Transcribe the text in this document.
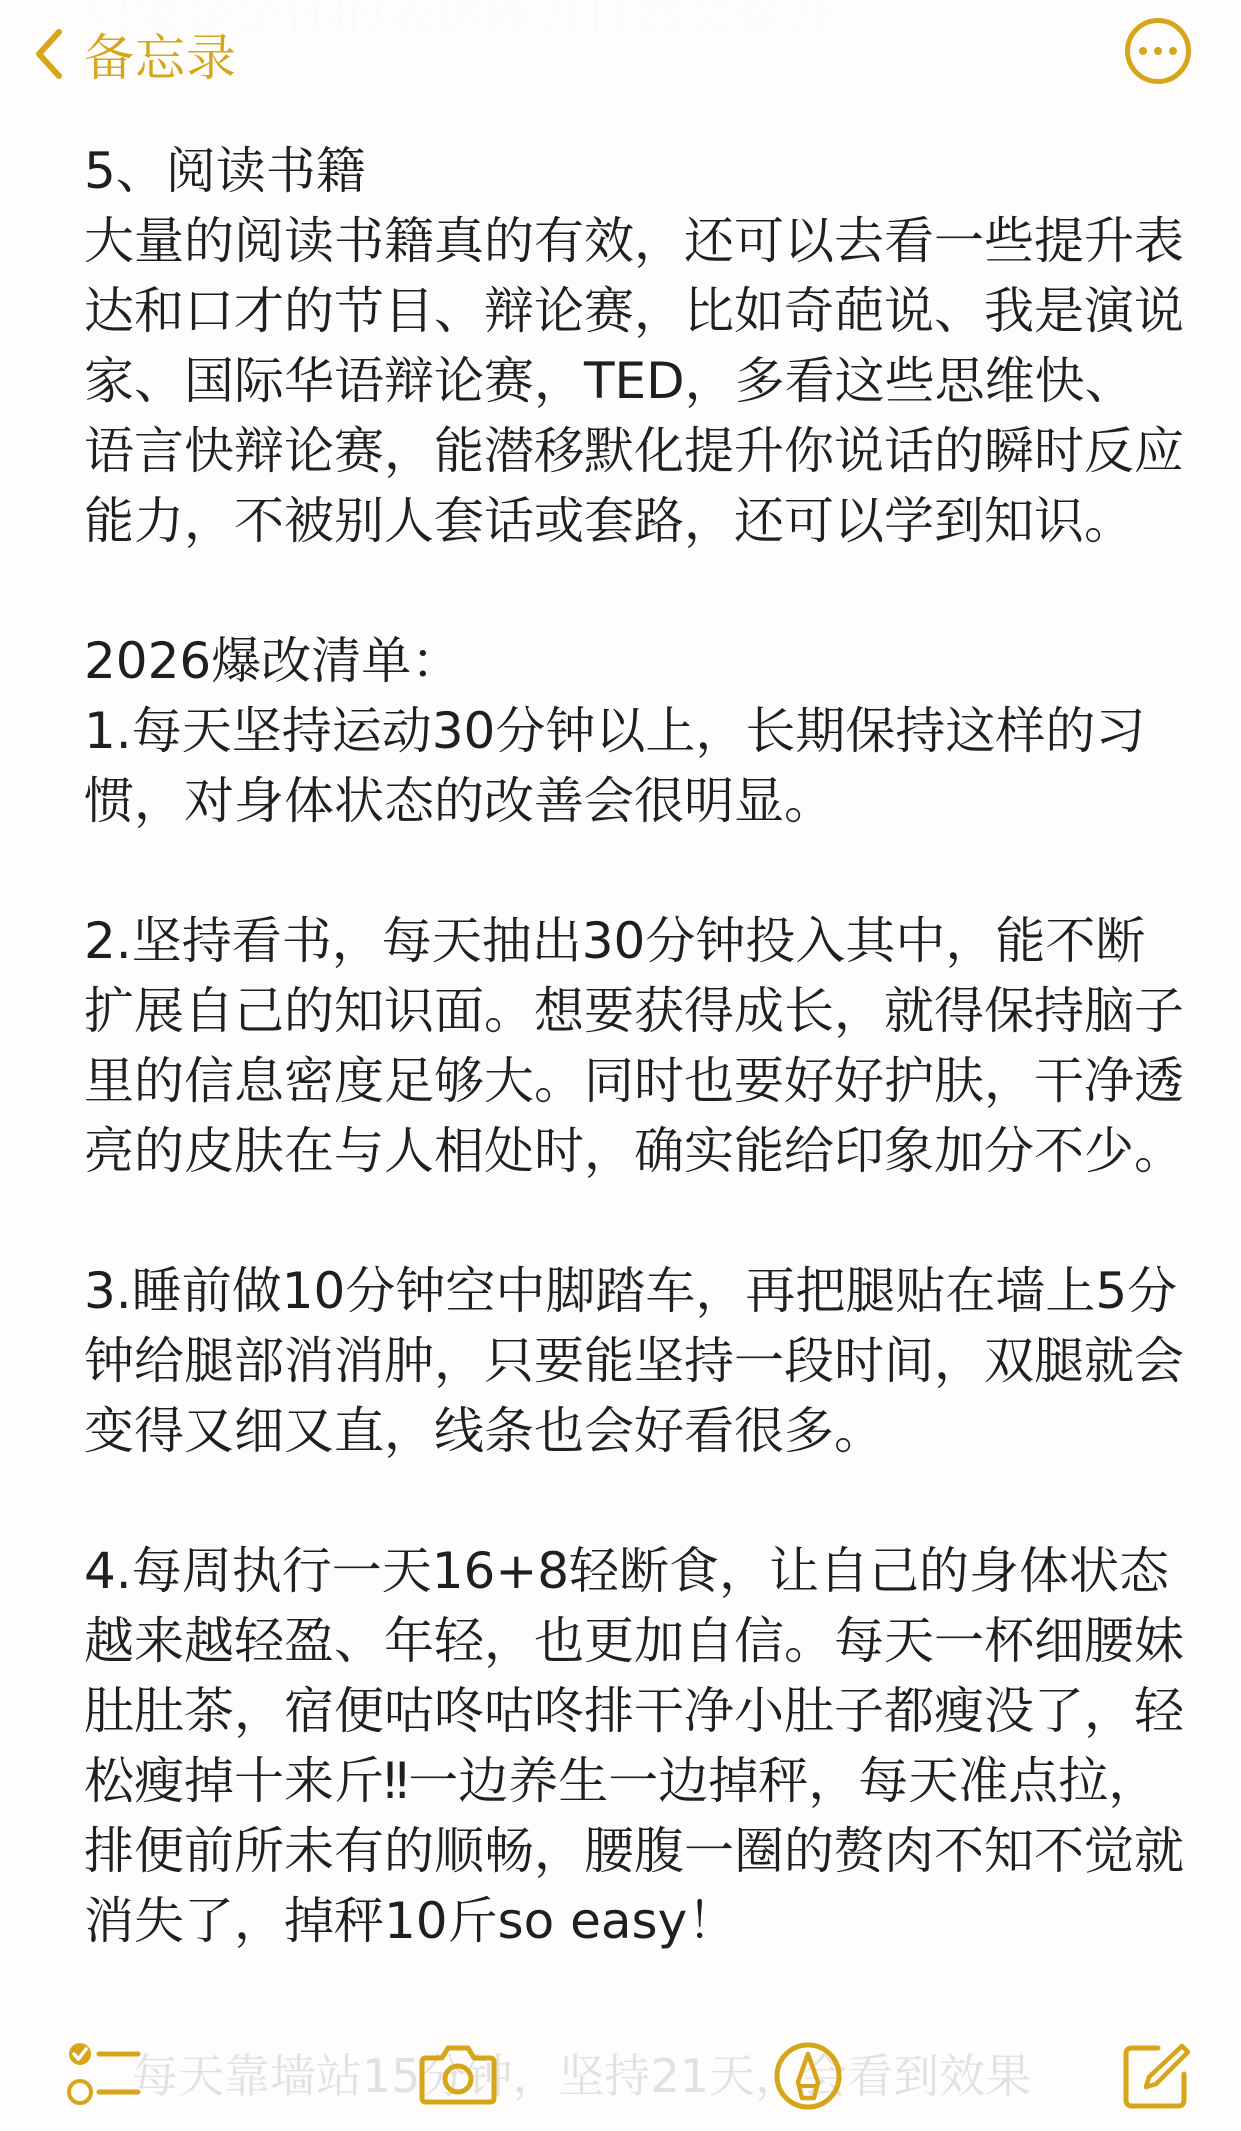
备忘录

5、阅读书籍
大量的阅读书籍真的有效，还可以去看一些提升表达和口才的节目、辩论赛，比如奇葩说、我是演说家、国际华语辩论赛，TED，多看这些思维快、语言快辩论赛，能潜移默化提升你说话的瞬时反应能力，不被别人套话或套路，还可以学到知识。

2026爆改清单：
1.每天坚持运动30分钟以上，长期保持这样的习惯，对身体状态的改善会很明显。

2.坚持看书，每天抽出30分钟投入其中，能不断扩展自己的知识面。想要获得成长，就得保持脑子里的信息密度足够大。同时也要好好护肤，干净透亮的皮肤在与人相处时，确实能给印象加分不少。

3.睡前做10分钟空中脚踏车，再把腿贴在墙上5分钟给腿部消消肿，只要能坚持一段时间，双腿就会变得又细又直，线条也会好看很多。

4.每周执行一天16+8轻断食，让自己的身体状态越来越轻盈、年轻，也更加自信。每天一杯细腰妹肚肚茶，宿便咕咚咕咚排干净小肚子都瘦没了，轻松瘦掉十来斤‼︎一边养生一边掉秤，每天准点拉，排便前所未有的顺畅，腰腹一圈的赘肉不知不觉就消失了，掉秤10斤so easy！

每天靠墙站15分钟，坚持21天，会看到效果
